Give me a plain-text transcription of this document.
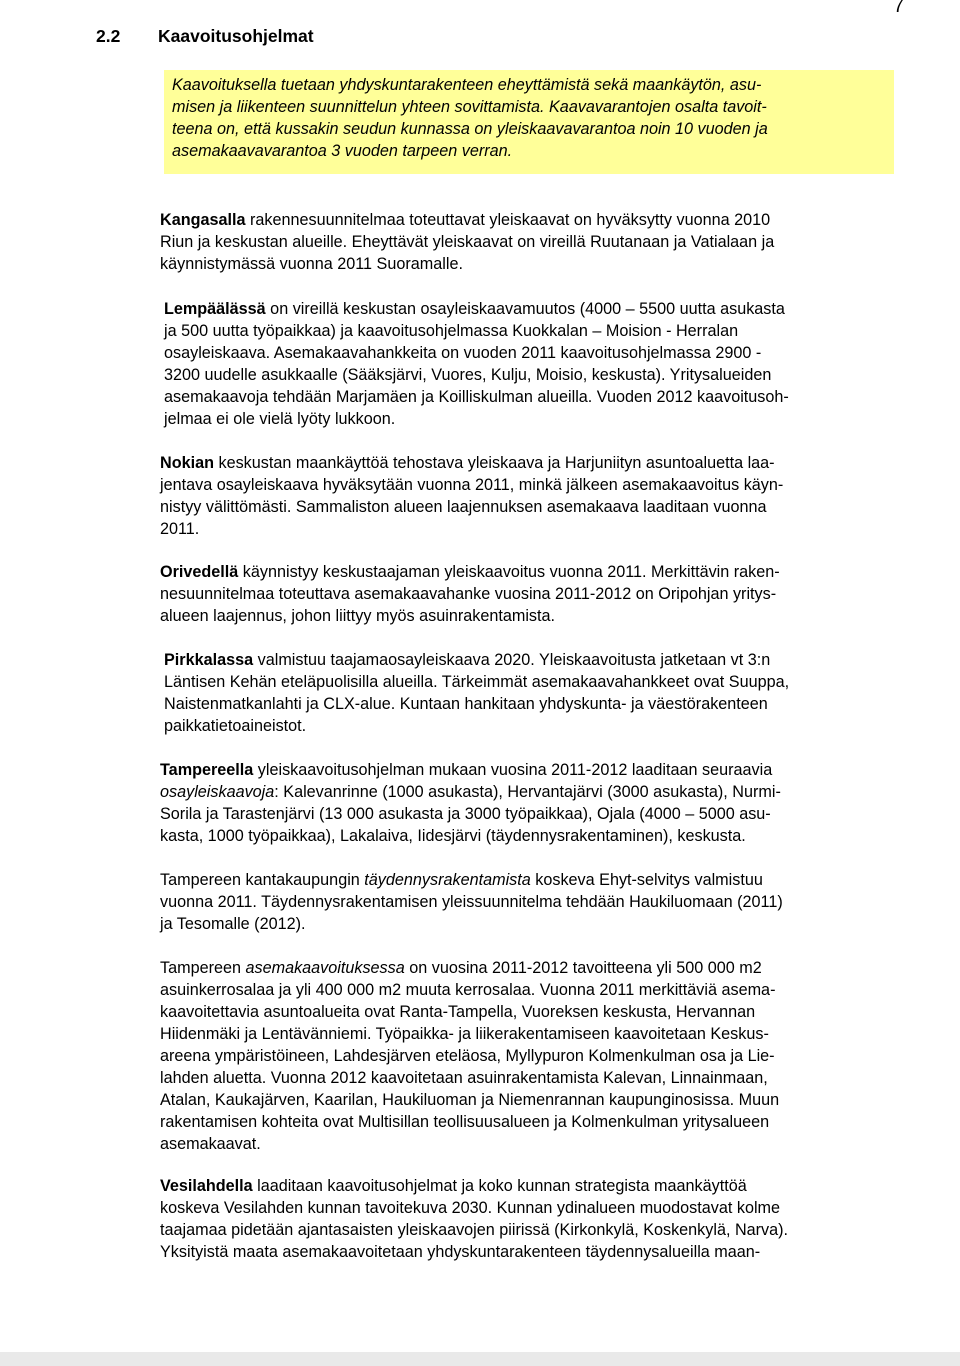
7
2.2 Kaavoitusohjelmat
Kaavoituksella tuetaan yhdyskuntarakenteen eheyttämistä sekä maankäytön, asu-
misen ja liikenteen suunnittelun yhteen sovittamista. Kaavavarantojen osalta tavoit-
teena on, että kussakin seudun kunnassa on yleiskaavavarantoa noin 10 vuoden ja
asemakaavavarantoa 3 vuoden tarpeen verran.
Kangasalla rakennesuunnitelmaa toteuttavat yleiskaavat on hyväksytty vuonna 2010
Riun ja keskustan alueille. Eheyttävät yleiskaavat on vireillä Ruutanaan ja Vatialaan ja
käynnistymässä vuonna 2011 Suoramalle.
Lempäälässä on vireillä keskustan osayleiskaavamuutos (4000 – 5500 uutta asukasta
ja 500 uutta työpaikkaa) ja kaavoitusohjelmassa Kuokkalan – Moision - Herralan
osayleiskaava. Asemakaavahankkeita on vuoden 2011 kaavoitusohjelmassa 2900 -
3200 uudelle asukkaalle (Sääksjärvi, Vuores, Kulju, Moisio, keskusta). Yritysalueiden
asemakaavoja tehdään Marjamäen ja Koilliskulman alueilla. Vuoden 2012 kaavoitusoh-
jelmaa ei ole vielä lyöty lukkoon.
Nokian keskustan maankäyttöä tehostava yleiskaava ja Harjuniityn asuntoaluetta laa-
jentava osayleiskaava hyväksytään vuonna 2011, minkä jälkeen asemakaavoitus käyn-
nistyy välittömästi. Sammaliston alueen laajennuksen asemakaava laaditaan vuonna
2011.
Orivedellä käynnistyy keskustaajaman yleiskaavoitus vuonna 2011. Merkittävin raken-
nesuunnitelmaa toteuttava asemakaavahanke vuosina 2011-2012 on Oripohjan yritys-
alueen laajennus, johon liittyy myös asuinrakentamista.
Pirkkalassa valmistuu taajamaosayleiskaava 2020. Yleiskaavoitusta jatketaan vt 3:n
Läntisen Kehän eteläpuolisilla alueilla. Tärkeimmät asemakaavahankkeet ovat Suuppa,
Naistenmatkanlahti ja CLX-alue. Kuntaan hankitaan yhdyskunta- ja väestörakenteen
paikkatietoaineistot.
Tampereella yleiskaavoitusohjelman mukaan vuosina 2011-2012 laaditaan seuraavia
osayleiskaavoja: Kalevanrinne (1000 asukasta), Hervantajärvi (3000 asukasta), Nurmi-
Sorila ja Tarastenjärvi (13 000 asukasta ja 3000 työpaikkaa), Ojala (4000 – 5000 asu-
kasta, 1000 työpaikkaa), Lakalaiva, Iidesjärvi (täydennysrakentaminen), keskusta.
Tampereen kantakaupungin täydennysrakentamista koskeva Ehyt-selvitys valmistuu
vuonna 2011. Täydennysrakentamisen yleissuunnitelma tehdään Haukiluomaan (2011)
ja Tesomalle (2012).
Tampereen asemakaavoituksessa on vuosina 2011-2012 tavoitteena yli 500 000 m2
asuinkerrosalaa ja yli 400 000 m2 muuta kerrosalaa. Vuonna 2011 merkittäviä asema-
kaavoitettavia asuntoalueita ovat Ranta-Tampella, Vuoreksen keskusta, Hervannan
Hiidenmäki ja Lentävänniemi. Työpaikka- ja liikerakentamiseen kaavoitetaan Keskus-
areena ympäristöineen, Lahdesjärven eteläosa, Myllypuron Kolmenkulman osa ja Lie-
lahden aluetta. Vuonna 2012 kaavoitetaan asuinrakentamista Kalevan, Linnainmaan,
Atalan, Kaukajärven, Kaarilan, Haukiluoman ja Niemenrannan kaupunginosissa. Muun
rakentamisen kohteita ovat Multisillan teollisuusalueen ja Kolmenkulman yritysalueen
asemakaavat.
Vesilahdella laaditaan kaavoitusohjelmat ja koko kunnan strategista maankäyttöä
koskeva Vesilahden kunnan tavoitekuva 2030. Kunnan ydinalueen muodostavat kolme
taajamaa pidetään ajantasaisten yleiskaavojen piirissä (Kirkonkylä, Koskenkylä, Narva).
Yksityistä maata asemakaavoitetaan yhdyskuntarakenteen täydennysalueilla maan-
